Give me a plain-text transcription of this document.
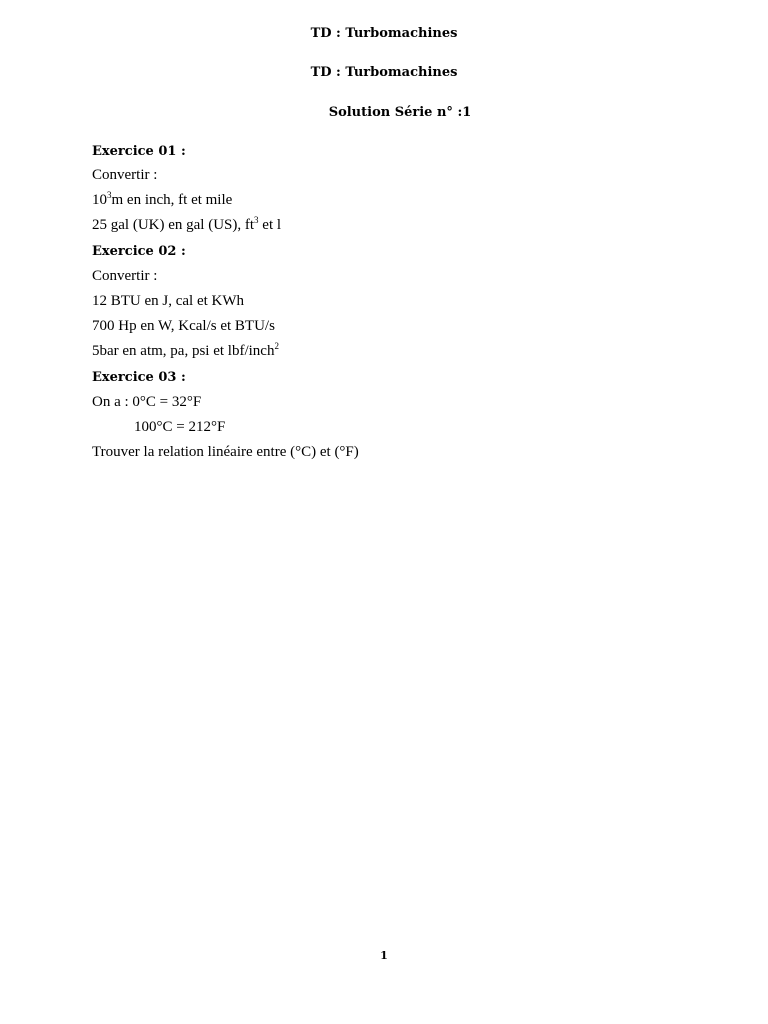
TD : Turbomachines
TD : Turbomachines
Solution Série n° :1
Exercice 01 :
Convertir :
$10^3m$ en inch, ft et mile
25 gal (UK) en gal (US), $ft^3$ et l
Exercice 02 :
Convertir :
12 BTU en J, cal et KWh
700 Hp en W, Kcal/s et BTU/s
5bar en atm, pa, psi et lbf/inch$^2$
Exercice 03 :
On a : 0°C = 32°F
100°C = 212°F
Trouver la relation linéaire entre (°C) et (°F)
1
